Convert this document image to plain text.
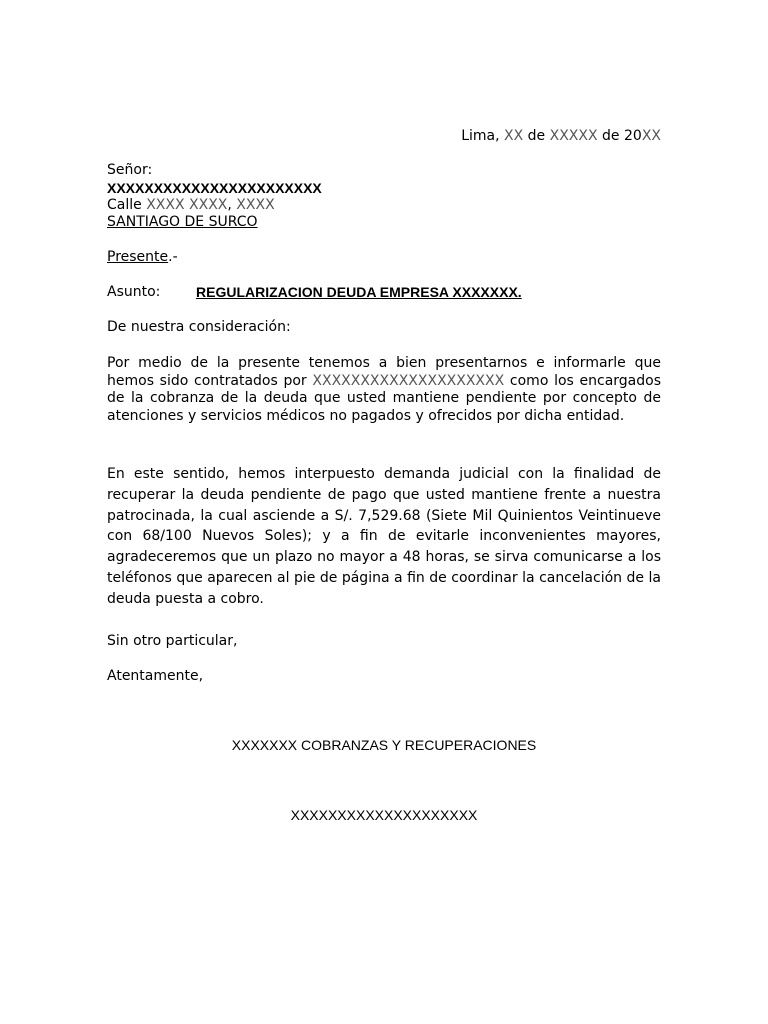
Lima, XX de XXXXX de 20XX
Señor:
XXXXXXXXXXXXXXXXXXXXXXX
Calle XXXX XXXX, XXXX
SANTIAGO DE SURCO
Presente.-
Asunto:	REGULARIZACION DEUDA EMPRESA XXXXXXX.
De nuestra consideración:
Por medio de la presente tenemos a bien presentarnos e informarle que hemos sido contratados por XXXXXXXXXXXXXXXXXXXX como los encargados de la cobranza de la deuda que usted mantiene pendiente por concepto de atenciones y servicios médicos no pagados y ofrecidos por dicha entidad.
En este sentido, hemos interpuesto demanda judicial con la finalidad de recuperar la deuda pendiente de pago que usted mantiene frente a nuestra patrocinada, la cual asciende a S/. 7,529.68 (Siete Mil Quinientos Veintinueve con 68/100 Nuevos Soles); y a fin de evitarle inconvenientes mayores, agradeceremos que un plazo no mayor a 48 horas, se sirva comunicarse a los teléfonos que aparecen al pie de página a fin de coordinar la cancelación de la deuda puesta a cobro.
Sin otro particular,
Atentamente,
XXXXXXX COBRANZAS Y RECUPERACIONES
XXXXXXXXXXXXXXXXXXXX
